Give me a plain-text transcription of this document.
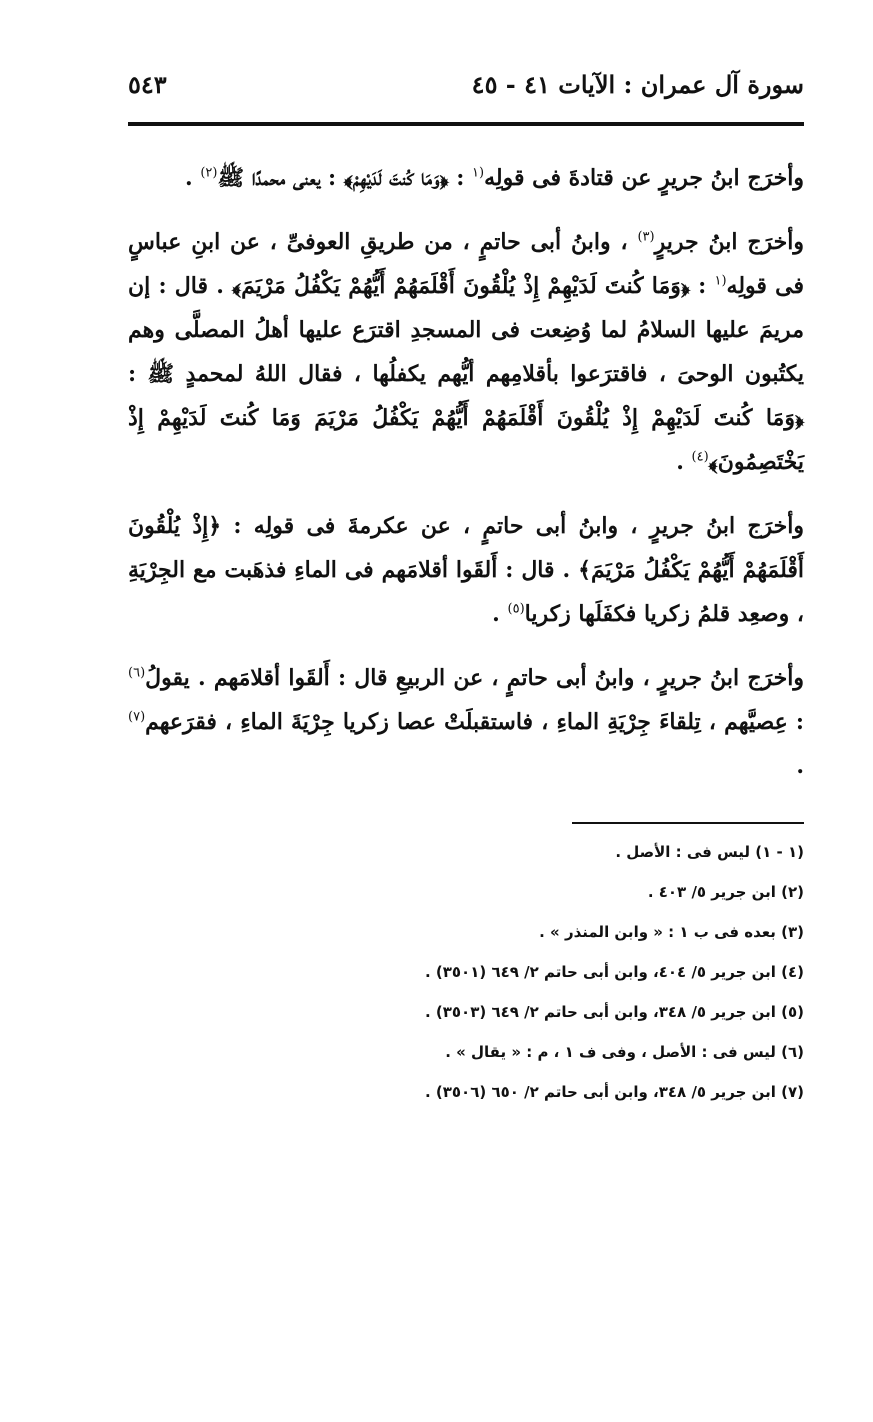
سورة آل عمران : الآيات ٤١ - ٤٥
٥٤٣

وأخرَج ابنُ جريرٍ عن قتادةَ فى قولِه$^{(١}$ : ﴿وَمَا كُنتَ لَدَيْهِمْ﴾ : يعنى محمدًا ﷺ$^{(٢)}$ .

وأخرَج ابنُ جريرٍ$^{(٣)}$ ، وابنُ أبى حاتمٍ ، من طريقِ العوفىِّ ، عن ابنِ عباسٍ فى قولِه$^{(١}$ : ﴿وَمَا كُنتَ لَدَيْهِمْ إِذْ يُلْقُونَ أَقْلَمَهُمْ أَيُّهُمْ يَكْفُلُ مَرْيَمَ﴾ . قال : إن مريمَ عليها السلامُ لما وُضِعت فى المسجدِ اقترَع عليها أهلُ المصلَّى وهم يكتُبون الوحىَ ، فاقترَعوا بأقلامِهم أيُّهم يكفلُها ، فقال اللهُ لمحمدٍ ﷺ : ﴿وَمَا كُنتَ لَدَيْهِمْ إِذْ يُلْقُونَ أَقْلَمَهُمْ أَيُّهُمْ يَكْفُلُ مَرْيَمَ وَمَا كُنتَ لَدَيْهِمْ إِذْ يَخْتَصِمُونَ﴾$^{(٤)}$ .

وأخرَج ابنُ جريرٍ ، وابنُ أبى حاتمٍ ، عن عكرمةَ فى قولِه : ﴿إِذْ يُلْقُونَ أَقْلَمَهُمْ أَيُّهُمْ يَكْفُلُ مَرْيَمَ﴾ . قال : أَلقَوا أقلامَهم فى الماءِ فذهَبت مع الجِرْيَةِ ، وصعِد قلمُ زكريا فكفَلَها زكريا$^{(٥)}$ .

وأخرَج ابنُ جريرٍ ، وابنُ أبى حاتمٍ ، عن الربيعِ قال : أَلقَوا أقلامَهم . يقولُ$^{(٦)}$ : عِصيَّهم ، تِلقاءَ جِرْيَةِ الماءِ ، فاستقبلَتْ عصا زكريا جِرْيَةَ الماءِ ، فقرَعهم$^{(٧)}$ .

(١ - ١) ليس فى : الأصل .

(٢) ابن جرير ٥/ ٤٠٣ .

(٣) بعده فى ب ١ : « وابن المنذر » .

(٤) ابن جرير ٥/ ٤٠٤، وابن أبى حاتم ٢/ ٦٤٩ (٣٥٠١) .

(٥) ابن جرير ٥/ ٣٤٨، وابن أبى حاتم ٢/ ٦٤٩ (٣٥٠٣) .

(٦) ليس فى : الأصل ، وفى ف ١ ، م : « يقال » .

(٧) ابن جرير ٥/ ٣٤٨، وابن أبى حاتم ٢/ ٦٥٠ (٣٥٠٦) .
